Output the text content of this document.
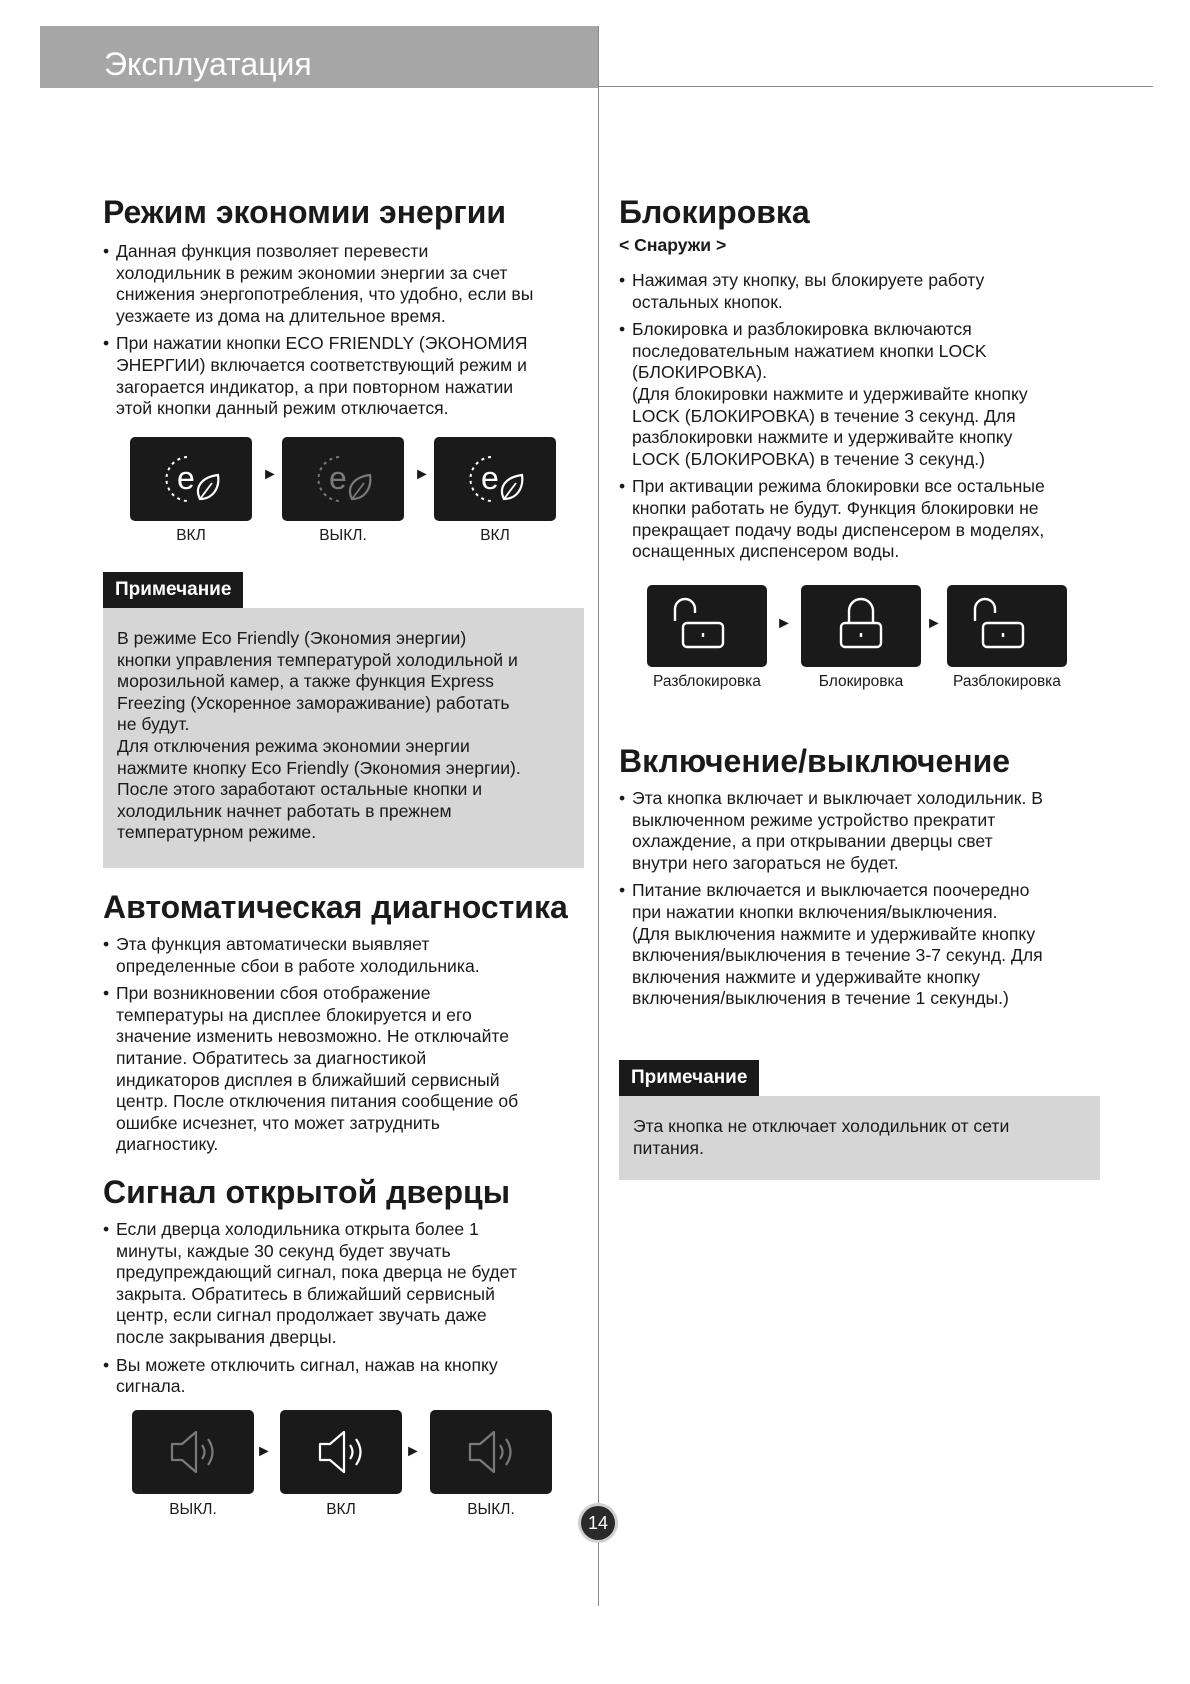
Эксплуатация
Режим экономии энергии
• Данная функция позволяет перевести
холодильник в режим экономии энергии за счет
снижения энергопотребления, что удобно, если вы
уезжаете из дома на длительное время.
• При нажатии кнопки ECO FRIENDLY (ЭКОНОМИЯ
ЭНЕРГИИ) включается соответствующий режим и
загорается индикатор, а при повторном нажатии
этой кнопки данный режим отключается.
e	► e	► e
ВКЛ	ВЫКЛ.	ВКЛ
Примечание
В режиме Eco Friendly (Экономия энергии)
кнопки управления температурой холодильной и
морозильной камер, а также функция Express
Freezing (Ускоренное замораживание) работать
не будут.
Для отключения режима экономии энергии
нажмите кнопку Eco Friendly (Экономия энергии).
После этого заработают остальные кнопки и
холодильник начнет работать в прежнем
температурном режиме.
Автоматическая диагностика
• Эта функция автоматически выявляет
определенные сбои в работе холодильника.
• При возникновении сбоя отображение
температуры на дисплее блокируется и его
значение изменить невозможно. Не отключайте
питание. Обратитесь за диагностикой
индикаторов дисплея в ближайший сервисный
центр. После отключения питания сообщение об
ошибке исчезнет, что может затруднить
диагностику.
Сигнал открытой дверцы
• Если дверца холодильника открыта более 1
минуты, каждые 30 секунд будет звучать
предупреждающий сигнал, пока дверца не будет
закрыта. Обратитесь в ближайший сервисный
центр, если сигнал продолжает звучать даже
после закрывания дверцы.
• Вы можете отключить сигнал, нажав на кнопку
сигнала.
►	►
ВЫКЛ.	ВКЛ	ВЫКЛ.
Блокировка
< Снаружи >
• Нажимая эту кнопку, вы блокируете работу
остальных кнопок.
• Блокировка и разблокировка включаются
последовательным нажатием кнопки LOCK
(БЛОКИРОВКА).
(Для блокировки нажмите и удерживайте кнопку
LOCK (БЛОКИРОВКА) в течение 3 секунд. Для
разблокировки нажмите и удерживайте кнопку
LOCK (БЛОКИРОВКА) в течение 3 секунд.)
• При активации режима блокировки все остальные
кнопки работать не будут. Функция блокировки не
прекращает подачу воды диспенсером в моделях,
оснащенных диспенсером воды.
►	►
Разблокировка	Блокировка	Разблокировка
Включение/выключение
• Эта кнопка включает и выключает холодильник. В
выключенном режиме устройство прекратит
охлаждение, а при открывании дверцы свет
внутри него загораться не будет.
• Питание включается и выключается поочередно
при нажатии кнопки включения/выключения.
(Для выключения нажмите и удерживайте кнопку
включения/выключения в течение 3-7 секунд. Для
включения нажмите и удерживайте кнопку
включения/выключения в течение 1 секунды.)
Примечание
Эта кнопка не отключает холодильник от сети
питания.
14
